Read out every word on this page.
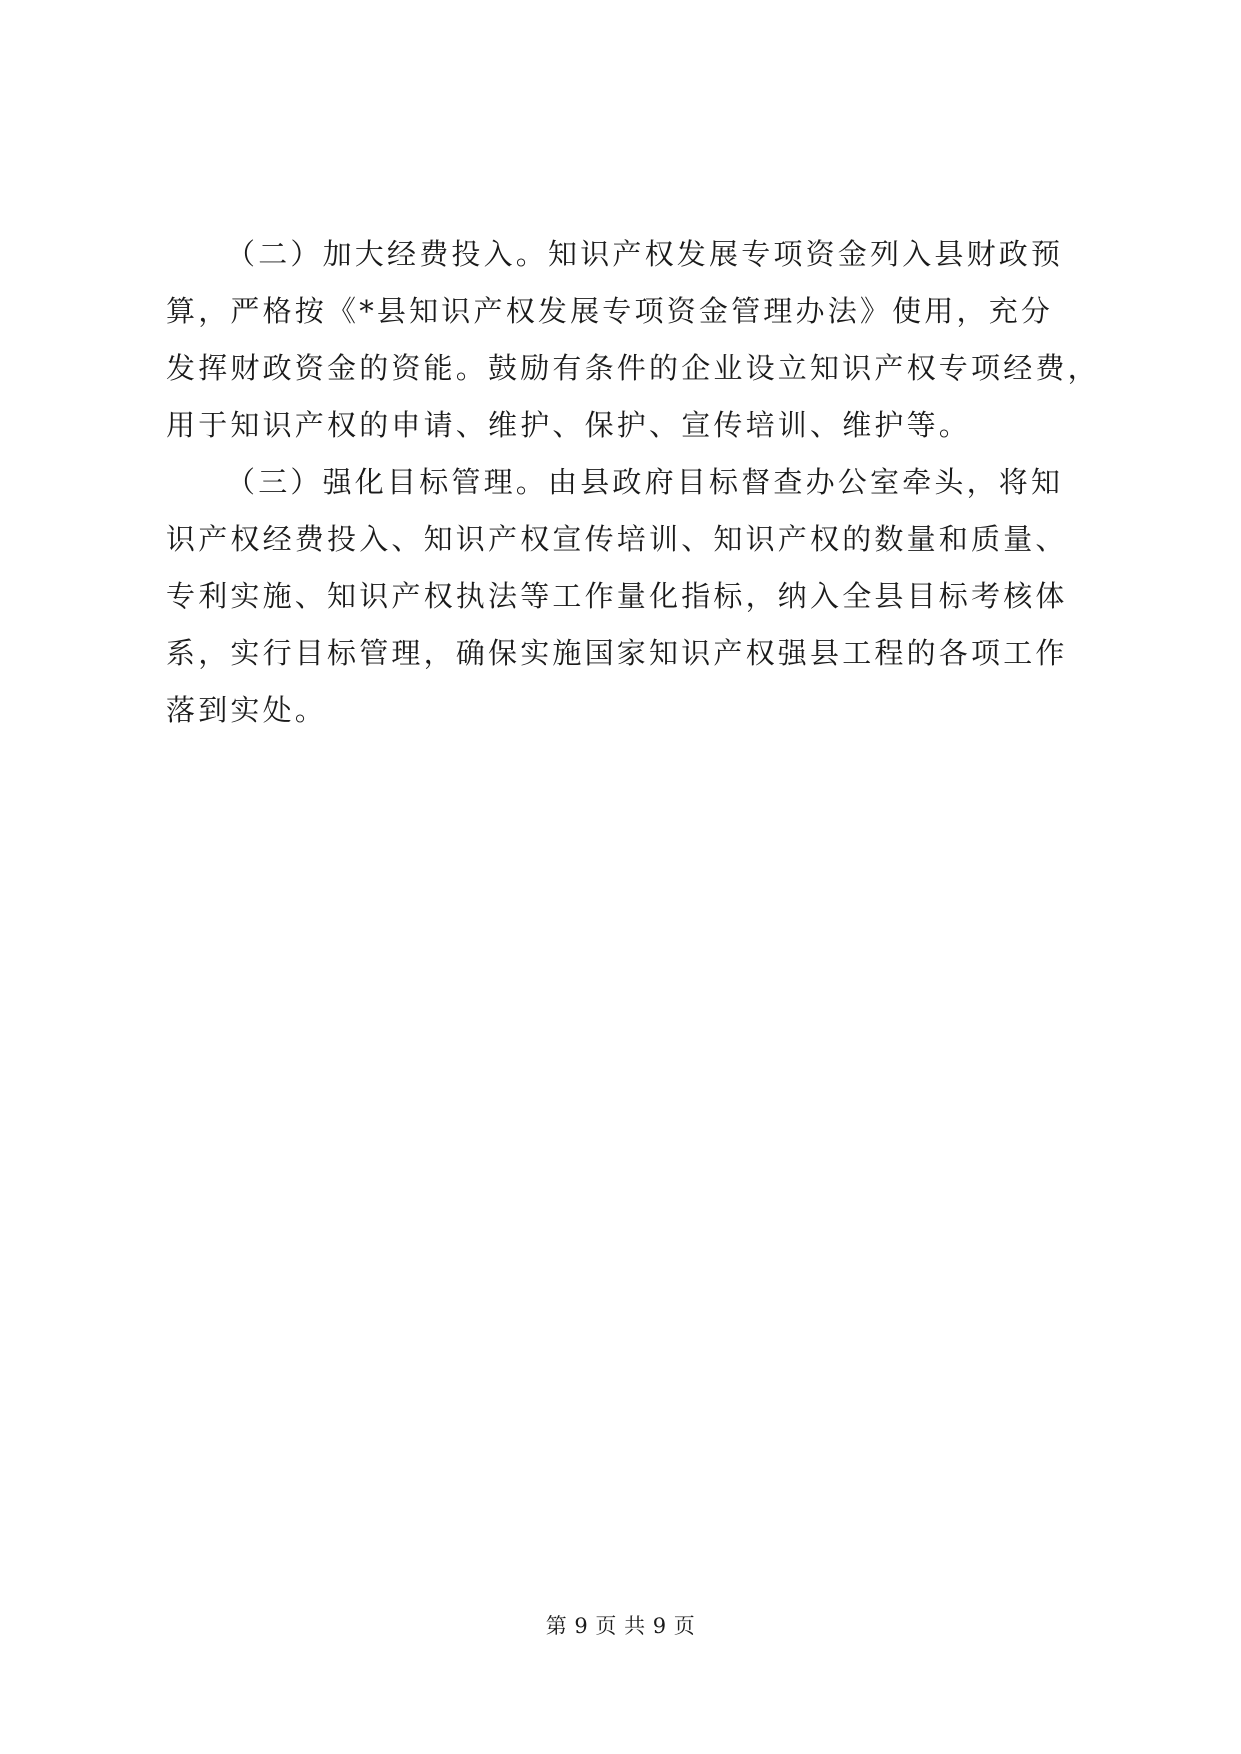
（二）加大经费投入。知识产权发展专项资金列入县财政预
算，严格按《*县知识产权发展专项资金管理办法》使用，充分
发挥财政资金的资能。鼓励有条件的企业设立知识产权专项经费，
用于知识产权的申请、维护、保护、宣传培训、维护等。
（三）强化目标管理。由县政府目标督查办公室牵头，将知
识产权经费投入、知识产权宣传培训、知识产权的数量和质量、
专利实施、知识产权执法等工作量化指标，纳入全县目标考核体
系，实行目标管理，确保实施国家知识产权强县工程的各项工作
落到实处。
第 9 页 共 9 页
